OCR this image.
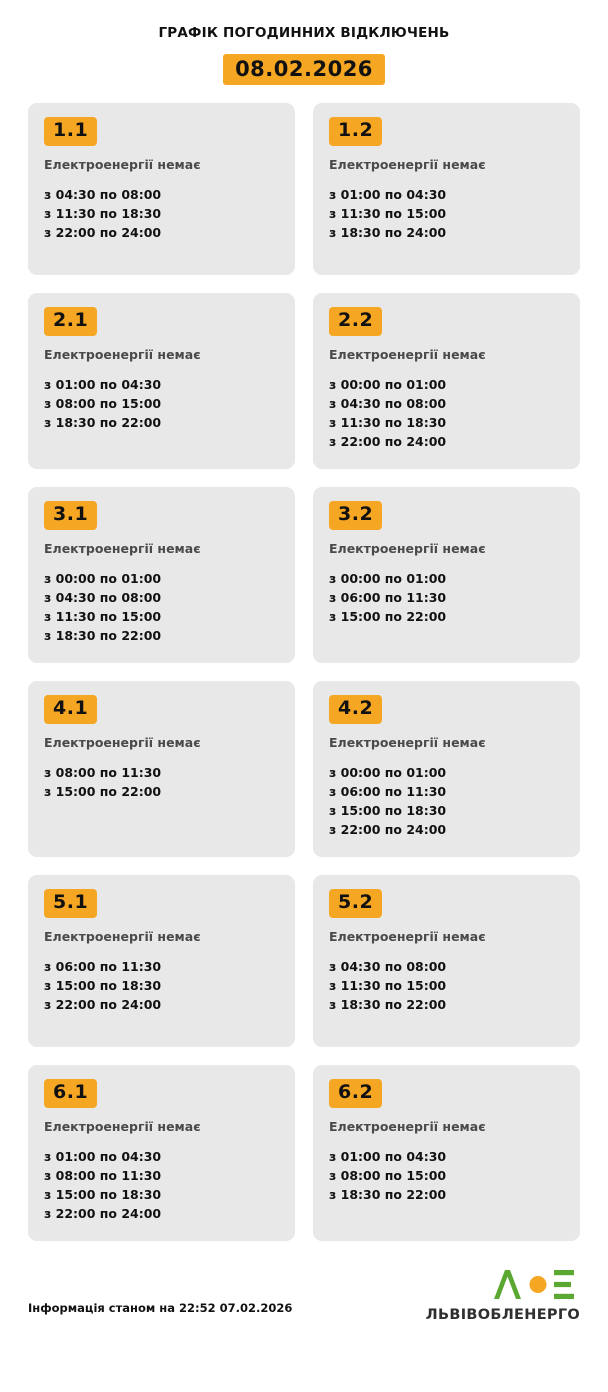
ГРАФІК ПОГОДИННИХ ВІДКЛЮЧЕНЬ
08.02.2026
1.1
Електроенергії немає
з 04:30 по 08:00
з 11:30 по 18:30
з 22:00 по 24:00
1.2
Електроенергії немає
з 01:00 по 04:30
з 11:30 по 15:00
з 18:30 по 24:00
2.1
Електроенергії немає
з 01:00 по 04:30
з 08:00 по 15:00
з 18:30 по 22:00
2.2
Електроенергії немає
з 00:00 по 01:00
з 04:30 по 08:00
з 11:30 по 18:30
з 22:00 по 24:00
3.1
Електроенергії немає
з 00:00 по 01:00
з 04:30 по 08:00
з 11:30 по 15:00
з 18:30 по 22:00
3.2
Електроенергії немає
з 00:00 по 01:00
з 06:00 по 11:30
з 15:00 по 22:00
4.1
Електроенергії немає
з 08:00 по 11:30
з 15:00 по 22:00
4.2
Електроенергії немає
з 00:00 по 01:00
з 06:00 по 11:30
з 15:00 по 18:30
з 22:00 по 24:00
5.1
Електроенергії немає
з 06:00 по 11:30
з 15:00 по 18:30
з 22:00 по 24:00
5.2
Електроенергії немає
з 04:30 по 08:00
з 11:30 по 15:00
з 18:30 по 22:00
6.1
Електроенергії немає
з 01:00 по 04:30
з 08:00 по 11:30
з 15:00 по 18:30
з 22:00 по 24:00
6.2
Електроенергії немає
з 01:00 по 04:30
з 08:00 по 15:00
з 18:30 по 22:00
Інформація станом на 22:52 07.02.2026	ЛЬВІВОБЛЕНЕРГО
